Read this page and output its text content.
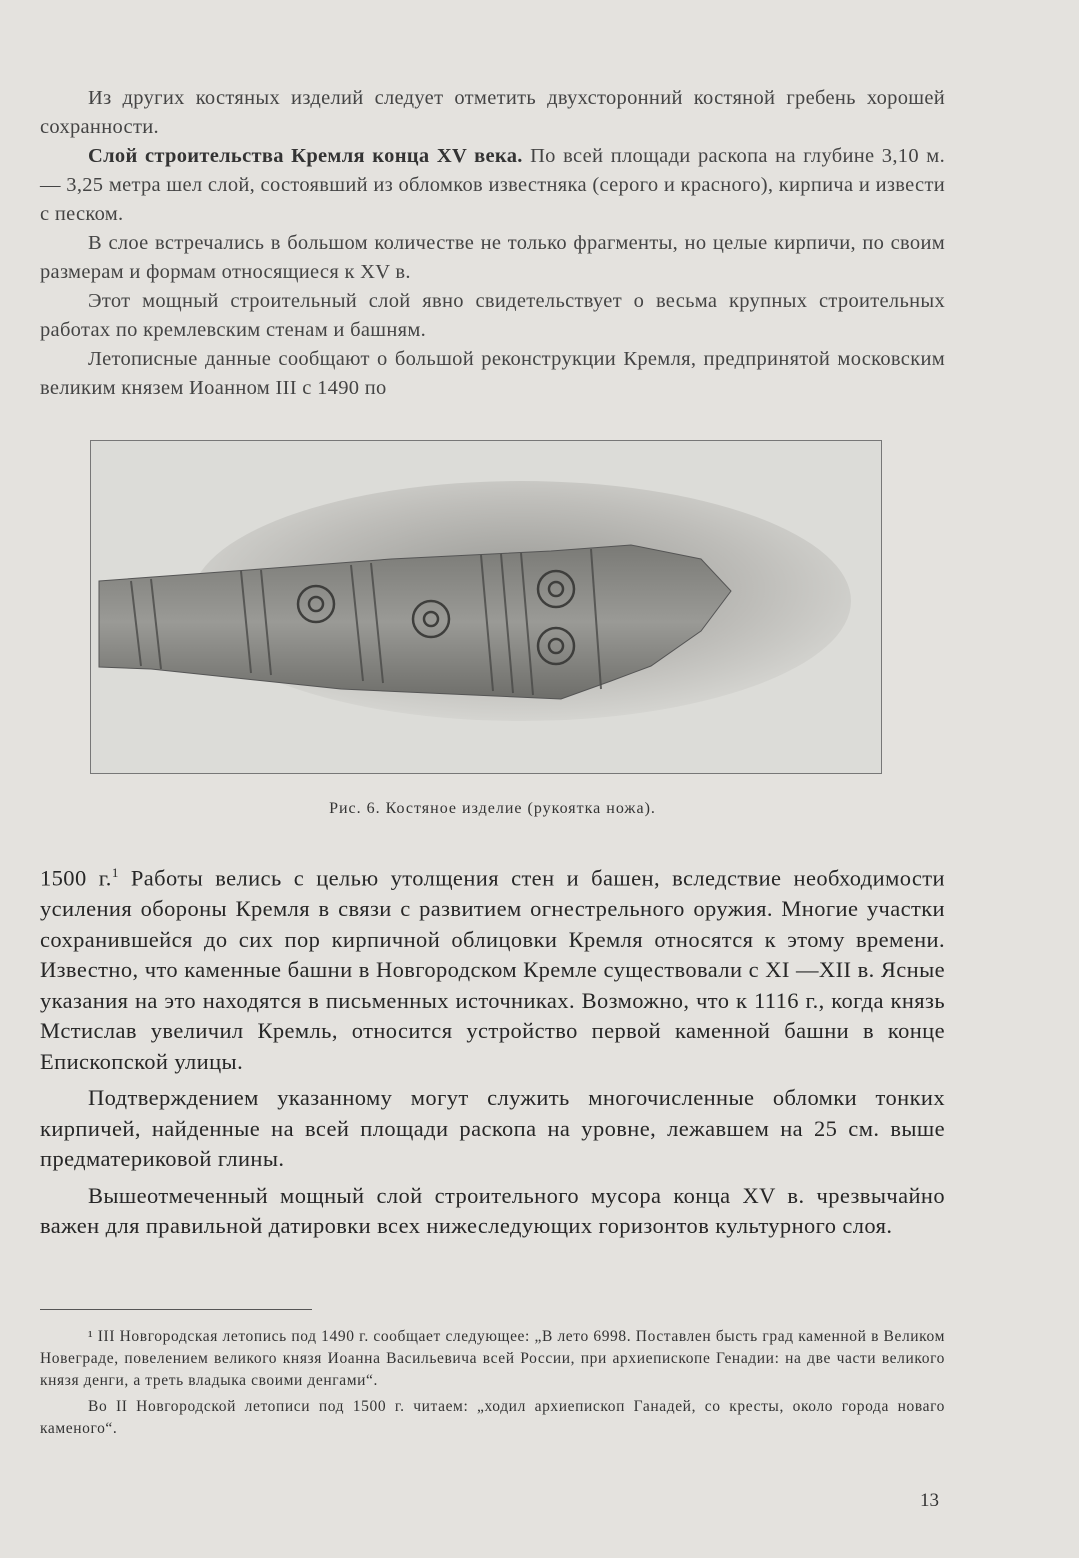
Из других костяных изделий следует отметить двухсторонний костяной гребень хорошей сохранности.

Слой строительства Кремля конца XV века. По всей площади раскопа на глубине 3,10 м. — 3,25 метра шел слой, состоявший из обломков известняка (серого и красного), кирпича и извести с песком.

В слое встречались в большом количестве не только фрагменты, но целые кирпичи, по своим размерам и формам относящиеся к XV в.

Этот мощный строительный слой явно свидетельствует о весьма крупных строительных работах по кремлевским стенам и башням.

Летописные данные сообщают о большой реконструкции Кремля, предпринятой московским великим князем Иоанном III с 1490 по

Рис. 6. Костяное изделие (рукоятка ножа).

1500 г.$^1$ Работы велись с целью утолщения стен и башен, вследствие необходимости усиления обороны Кремля в связи с развитием огнестрельного оружия. Многие участки сохранившейся до сих пор кирпичной облицовки Кремля относятся к этому времени. Известно, что каменные башни в Новгородском Кремле существовали с XI —XII в. Ясные указания на это находятся в письменных источниках. Возможно, что к 1116 г., когда князь Мстислав увеличил Кремль, относится устройство первой каменной башни в конце Епископской улицы.

Подтверждением указанному могут служить многочисленные обломки тонких кирпичей, найденные на всей площади раскопа на уровне, лежавшем на 25 см. выше предматериковой глины.

Вышеотмеченный мощный слой строительного мусора конца XV в. чрезвычайно важен для правильной датировки всех нижеследующих горизонтов культурного слоя.

¹ III Новгородская летопись под 1490 г. сообщает следующее: „В лето 6998. Поставлен бысть град каменной в Великом Новеграде, повелением великого князя Иоанна Васильевича всей России, при архиепископе Генадии: на две части великого князя денги, а треть владыка своими денгами“.

Во II Новгородской летописи под 1500 г. читаем: „ходил архиепископ Ганадей, со кресты, около города новаго каменого“.

13
